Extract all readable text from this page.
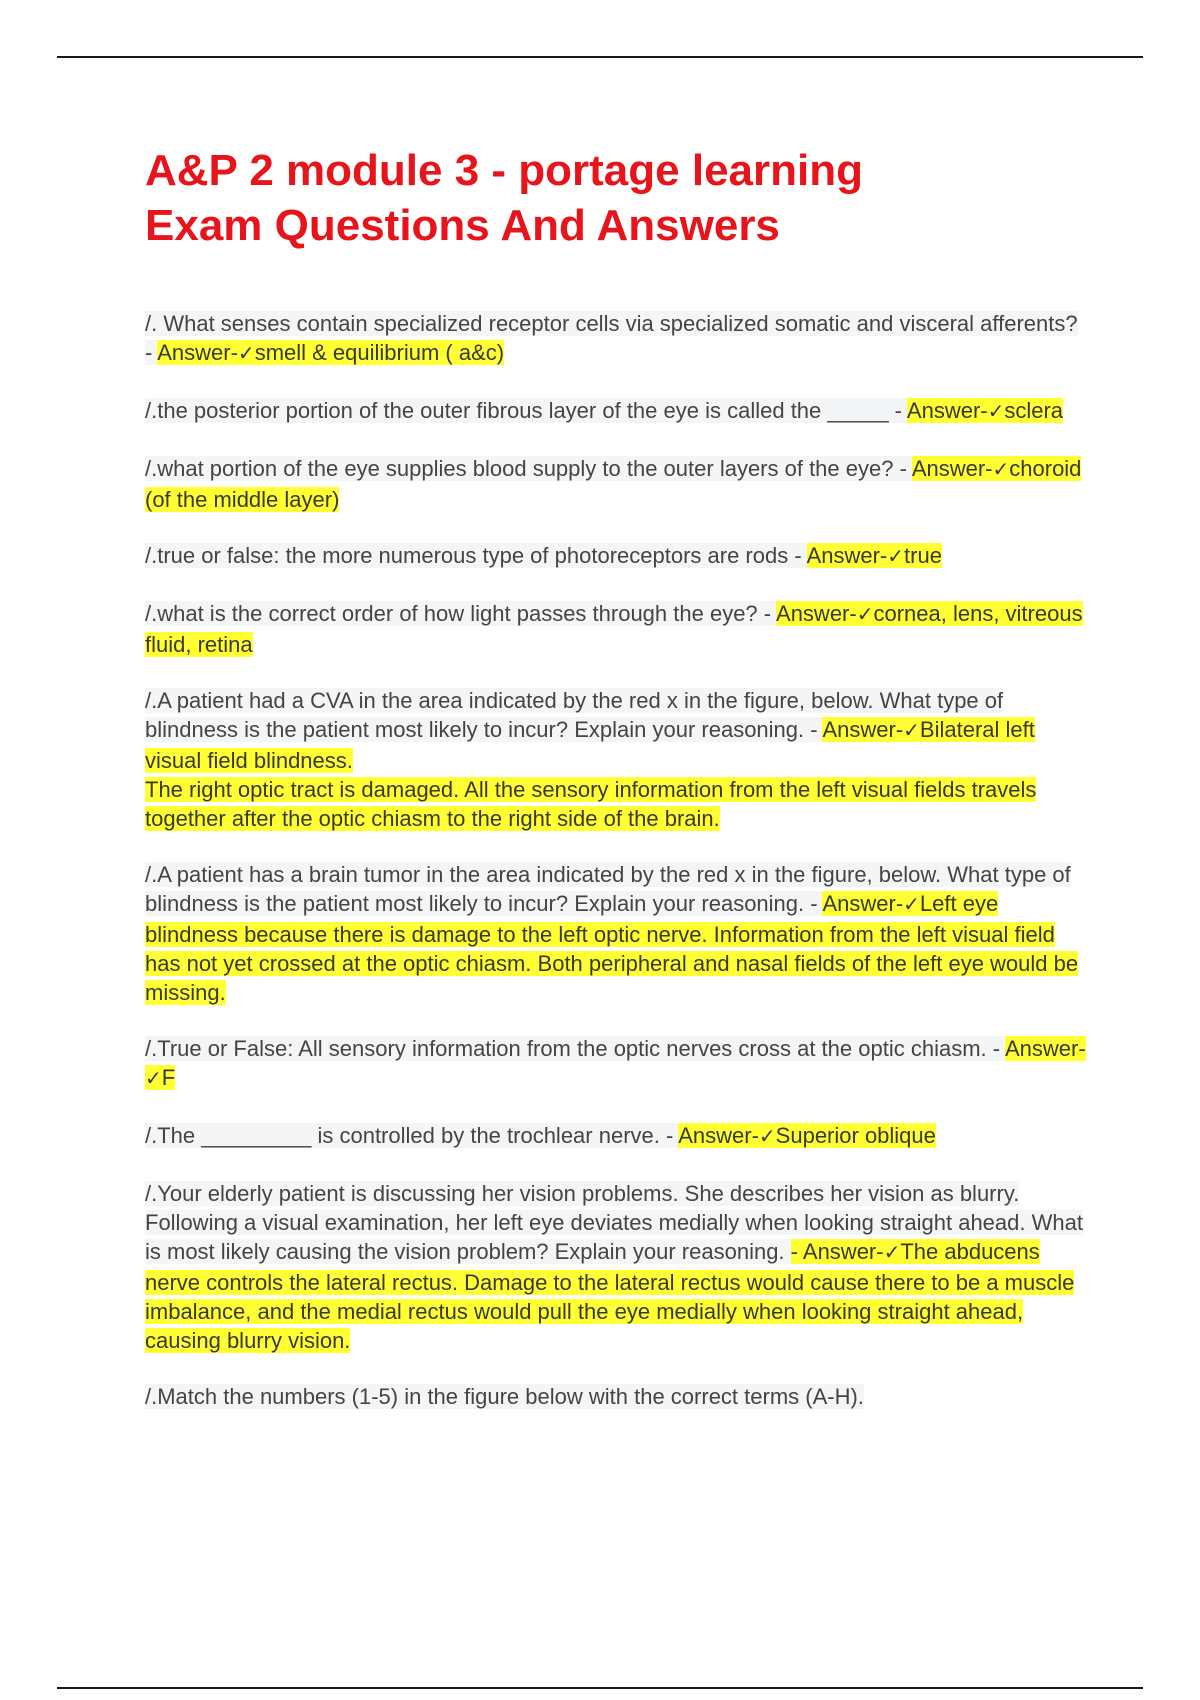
A&P 2 module 3 - portage learning
Exam Questions And Answers

/. What senses contain specialized receptor cells via specialized somatic and visceral afferents? - Answer-✓smell & equilibrium ( a&c)

/.the posterior portion of the outer fibrous layer of the eye is called the _____ - Answer-✓sclera

/.what portion of the eye supplies blood supply to the outer layers of the eye? - Answer-✓choroid (of the middle layer)

/.true or false: the more numerous type of photoreceptors are rods - Answer-✓true

/.what is the correct order of how light passes through the eye? - Answer-✓cornea, lens, vitreous fluid, retina

/.A patient had a CVA in the area indicated by the red x in the figure, below. What type of blindness is the patient most likely to incur? Explain your reasoning. - Answer-✓Bilateral left visual field blindness.
The right optic tract is damaged. All the sensory information from the left visual fields travels together after the optic chiasm to the right side of the brain.

/.A patient has a brain tumor in the area indicated by the red x in the figure, below. What type of blindness is the patient most likely to incur? Explain your reasoning. - Answer-✓Left eye blindness because there is damage to the left optic nerve. Information from the left visual field has not yet crossed at the optic chiasm. Both peripheral and nasal fields of the left eye would be missing.

/.True or False: All sensory information from the optic nerves cross at the optic chiasm. - Answer-✓F

/.The _________ is controlled by the trochlear nerve. - Answer-✓Superior oblique

/.Your elderly patient is discussing her vision problems. She describes her vision as blurry. Following a visual examination, her left eye deviates medially when looking straight ahead. What is most likely causing the vision problem? Explain your reasoning. - Answer-✓The abducens nerve controls the lateral rectus. Damage to the lateral rectus would cause there to be a muscle imbalance, and the medial rectus would pull the eye medially when looking straight ahead, causing blurry vision.

/.Match the numbers (1-5) in the figure below with the correct terms (A-H).
